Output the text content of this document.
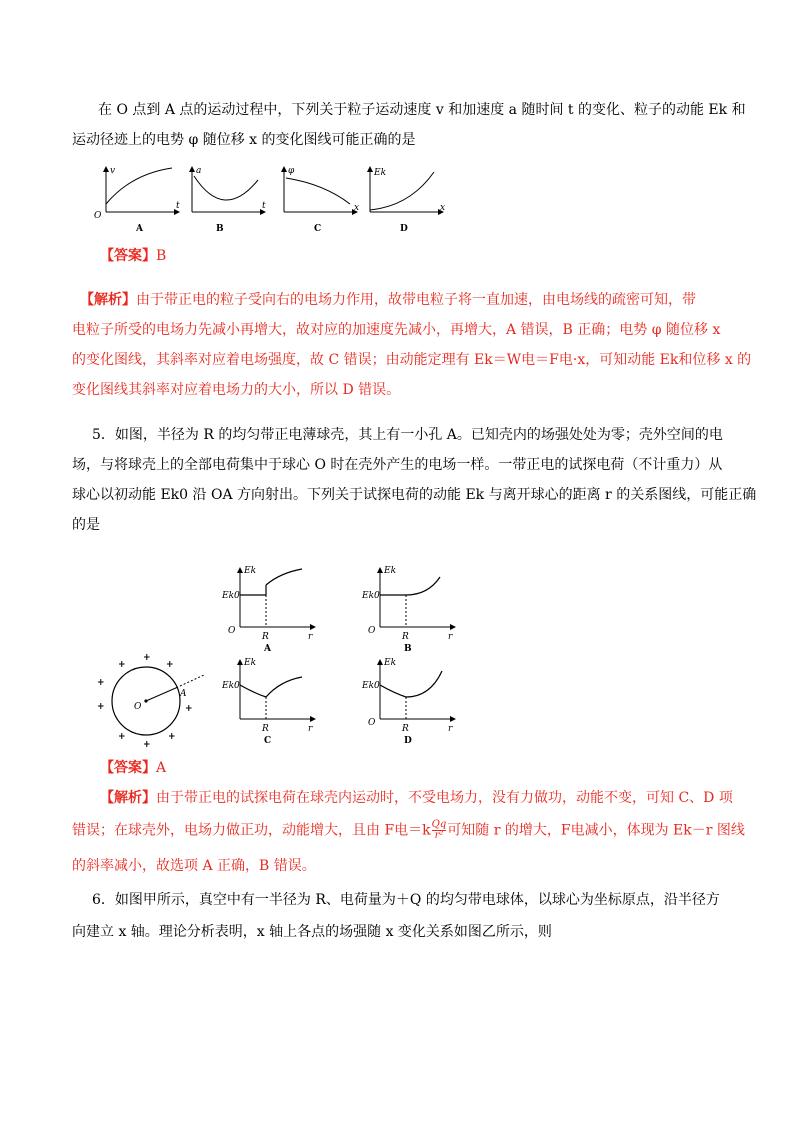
在 O 点到 A 点的运动过程中，下列关于粒子运动速度 v 和加速度 a 随时间 t 的变化、粒子的动能 Ek 和
运动径迹上的电势 φ 随位移 x 的变化图线可能正确的是
O
v
t
A
a
t
B
φ
x
C
Ek
x
D
【答案】B
【解析】由于带正电的粒子受向右的电场力作用，故带电粒子将一直加速，由电场线的疏密可知，带
电粒子所受的电场力先减小再增大，故对应的加速度先减小，再增大，A 错误，B 正确；电势 φ 随位移 x
的变化图线，其斜率对应着电场强度，故 C 错误；由动能定理有 Ek＝W电＝F电·x，可知动能 Ek和位移 x 的
变化图线其斜率对应着电场力的大小，所以 D 错误。
5．如图，半径为 R 的均匀带正电薄球壳，其上有一小孔 A。已知壳内的场强处处为零；壳外空间的电
场，与将球壳上的全部电荷集中于球心 O 时在壳外产生的电场一样。一带正电的试探电荷（不计重力）从
球心以初动能 Ek0 沿 OA 方向射出。下列关于试探电荷的动能 Ek 与离开球心的距离 r 的关系图线，可能正确
的是
Ek
Ek0
O
R	r
A
Ek
Ek0
O
R	r
B
Ek
Ek0
R	r
C
Ek
Ek0
O
R	r
D
O
A
+
+
+
+
+	+
+	+
+
【答案】A
【解析】由于带正电的试探电荷在球壳内运动时，不受电场力，没有力做功，动能不变，可知 C、D 项
错误；在球壳外，电场力做正功，动能增大，且由 F电$=k \frac{Qq}{\text{r²}}$ 可知随 r 的增大，F电减小，体现为 Ek－r 图线
的斜率减小，故选项 A 正确，B 错误。
6．如图甲所示，真空中有一半径为 R、电荷量为＋Q 的均匀带电球体，以球心为坐标原点，沿半径方
向建立 x 轴。理论分析表明，x 轴上各点的场强随 x 变化关系如图乙所示，则
